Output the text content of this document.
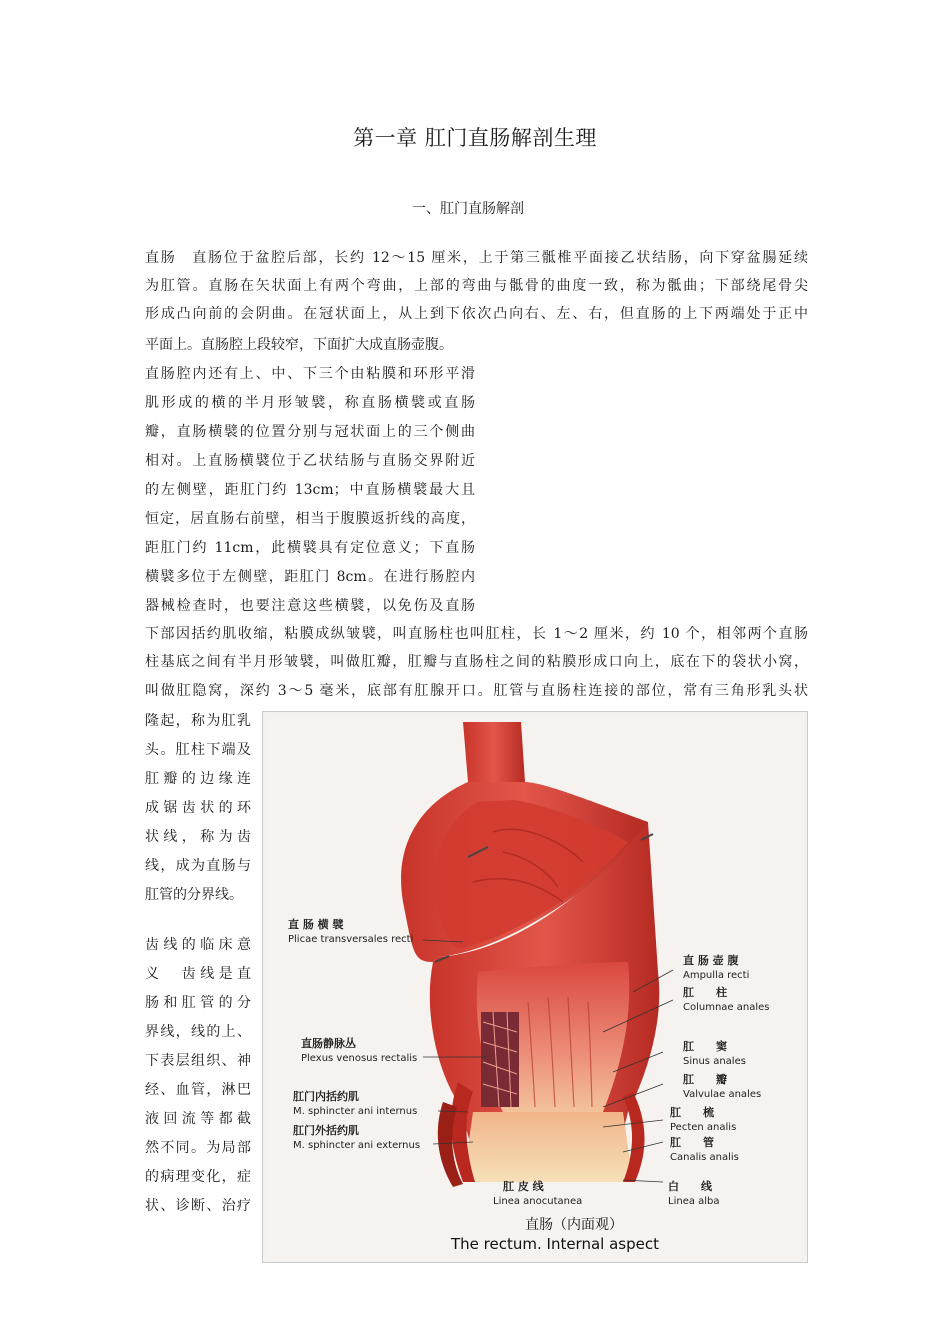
第一章 肛门直肠解剖生理
一、肛门直肠解剖
直肠　直肠位于盆腔后部，长约 12～15 厘米，上于第三骶椎平面接乙状结肠，向下穿盆腸延续
为肛管。直肠在矢状面上有两个弯曲，上部的弯曲与骶骨的曲度一致，称为骶曲；下部绕尾骨尖
形成凸向前的会阴曲。在冠状面上，从上到下依次凸向右、左、右，但直肠的上下两端处于正中
平面上。直肠腔上段较窄，下面扩大成直肠壶腹。
直肠腔内还有上、中、下三个由粘膜和环形平滑
肌形成的横的半月形皱襞，称直肠横襞或直肠
瓣，直肠横襞的位置分别与冠状面上的三个侧曲
相对。上直肠横襞位于乙状结肠与直肠交界附近
的左侧壁，距肛门约 13cm；中直肠横襞最大且
恒定，居直肠右前壁，相当于腹膜返折线的高度，
距肛门约 11cm，此横襞具有定位意义；下直肠
横襞多位于左侧壁，距肛门 8cm。在进行肠腔内
器械检查时，也要注意这些横襞，以免伤及直肠
下部因括约肌收缩，粘膜成纵皱襞，叫直肠柱也叫肛柱，长 1～2 厘米，约 10 个，相邻两个直肠
柱基底之间有半月形皱襞，叫做肛瓣，肛瓣与直肠柱之间的粘膜形成口向上，底在下的袋状小窝，
叫做肛隐窝，深约 3～5 毫米，底部有肛腺开口。肛管与直肠柱连接的部位，常有三角形乳头状
隆起，称为肛乳
头。肛柱下端及
肛瓣的边缘连
成锯齿状的环
状线，称为齿
线，成为直肠与
肛管的分界线。
齿线的临床意
义　齿线是直
肠和肛管的分
界线，线的上、
下表层组织、神
经、血管，淋巴
液回流等都截
然不同。为局部
的病理变化，症
状、诊断、治疗
直 肠 横 襞
Plicae transversales recti
直肠静脉丛
Plexus venosus rectalis
肛门内括约肌
M. sphincter ani internus
肛门外括约肌
M. sphincter ani externus
直 肠 壶 腹
Ampulla recti
肛　　柱
Columnae anales
肛　　窦
Sinus anales
肛　　瓣
Valvulae anales
肛　　梳
Pecten analis
肛　　管
Canalis analis
白　　线
Linea alba
肛 皮 线
Linea anocutanea
直肠（内面观）
The rectum. Internal aspect
